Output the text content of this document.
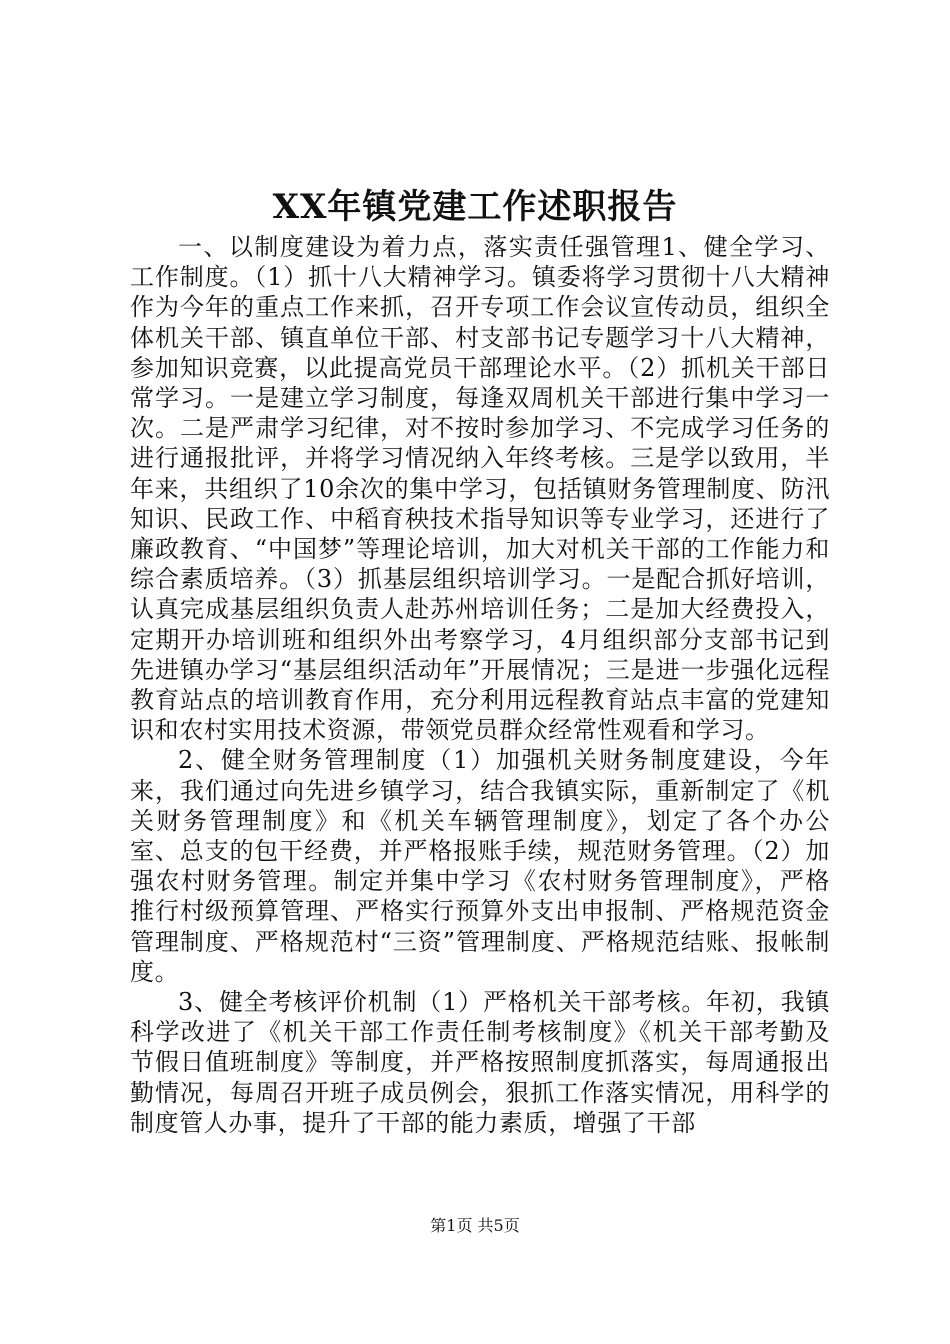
XX年镇党建工作述职报告

一、以制度建设为着力点，落实责任强管理1、健全学习、工作制度。（1）抓十八大精神学习。镇委将学习贯彻十八大精神作为今年的重点工作来抓，召开专项工作会议宣传动员，组织全体机关干部、镇直单位干部、村支部书记专题学习十八大精神，参加知识竞赛，以此提高党员干部理论水平。（2）抓机关干部日常学习。一是建立学习制度，每逢双周机关干部进行集中学习一次。二是严肃学习纪律，对不按时参加学习、不完成学习任务的进行通报批评，并将学习情况纳入年终考核。三是学以致用，半年来，共组织了10余次的集中学习，包括镇财务管理制度、防汛知识、民政工作、中稻育秧技术指导知识等专业学习，还进行了廉政教育、“中国梦”等理论培训，加大对机关干部的工作能力和综合素质培养。（3）抓基层组织培训学习。一是配合抓好培训，认真完成基层组织负责人赴苏州培训任务；二是加大经费投入，定期开办培训班和组织外出考察学习，4月组织部分支部书记到先进镇办学习“基层组织活动年”开展情况；三是进一步强化远程教育站点的培训教育作用，充分利用远程教育站点丰富的党建知识和农村实用技术资源，带领党员群众经常性观看和学习。

2、健全财务管理制度（1）加强机关财务制度建设，今年来，我们通过向先进乡镇学习，结合我镇实际，重新制定了《机关财务管理制度》和《机关车辆管理制度》，划定了各个办公室、总支的包干经费，并严格报账手续，规范财务管理。（2）加强农村财务管理。制定并集中学习《农村财务管理制度》，严格推行村级预算管理、严格实行预算外支出申报制、严格规范资金管理制度、严格规范村“三资”管理制度、严格规范结账、报帐制度。

3、健全考核评价机制（1）严格机关干部考核。年初，我镇科学改进了《机关干部工作责任制考核制度》《机关干部考勤及节假日值班制度》等制度，并严格按照制度抓落实，每周通报出勤情况，每周召开班子成员例会，狠抓工作落实情况，用科学的制度管人办事，提升了干部的能力素质，增强了干部

第1页 共5页
